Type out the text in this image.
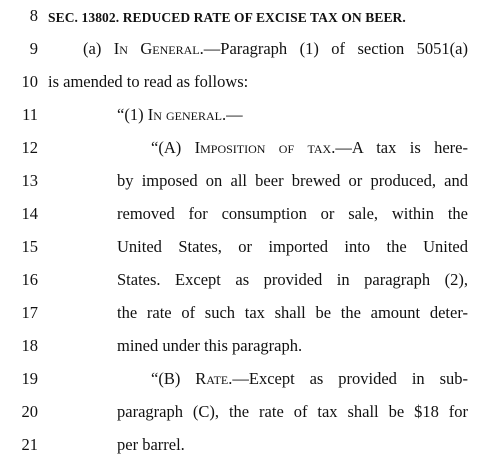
8 SEC. 13802. REDUCED RATE OF EXCISE TAX ON BEER.
9	(a) In General.—Paragraph (1) of section 5051(a)
10 is amended to read as follows:
11	“(1) In general.—
12	“(A) Imposition of tax.—A tax is here-
13	by imposed on all beer brewed or produced, and
14	removed for consumption or sale, within the
15	United States, or imported into the United
16	States. Except as provided in paragraph (2),
17	the rate of such tax shall be the amount deter-
18	mined under this paragraph.
19	“(B) Rate.—Except as provided in sub-
20	paragraph (C), the rate of tax shall be $18 for
21	per barrel.
